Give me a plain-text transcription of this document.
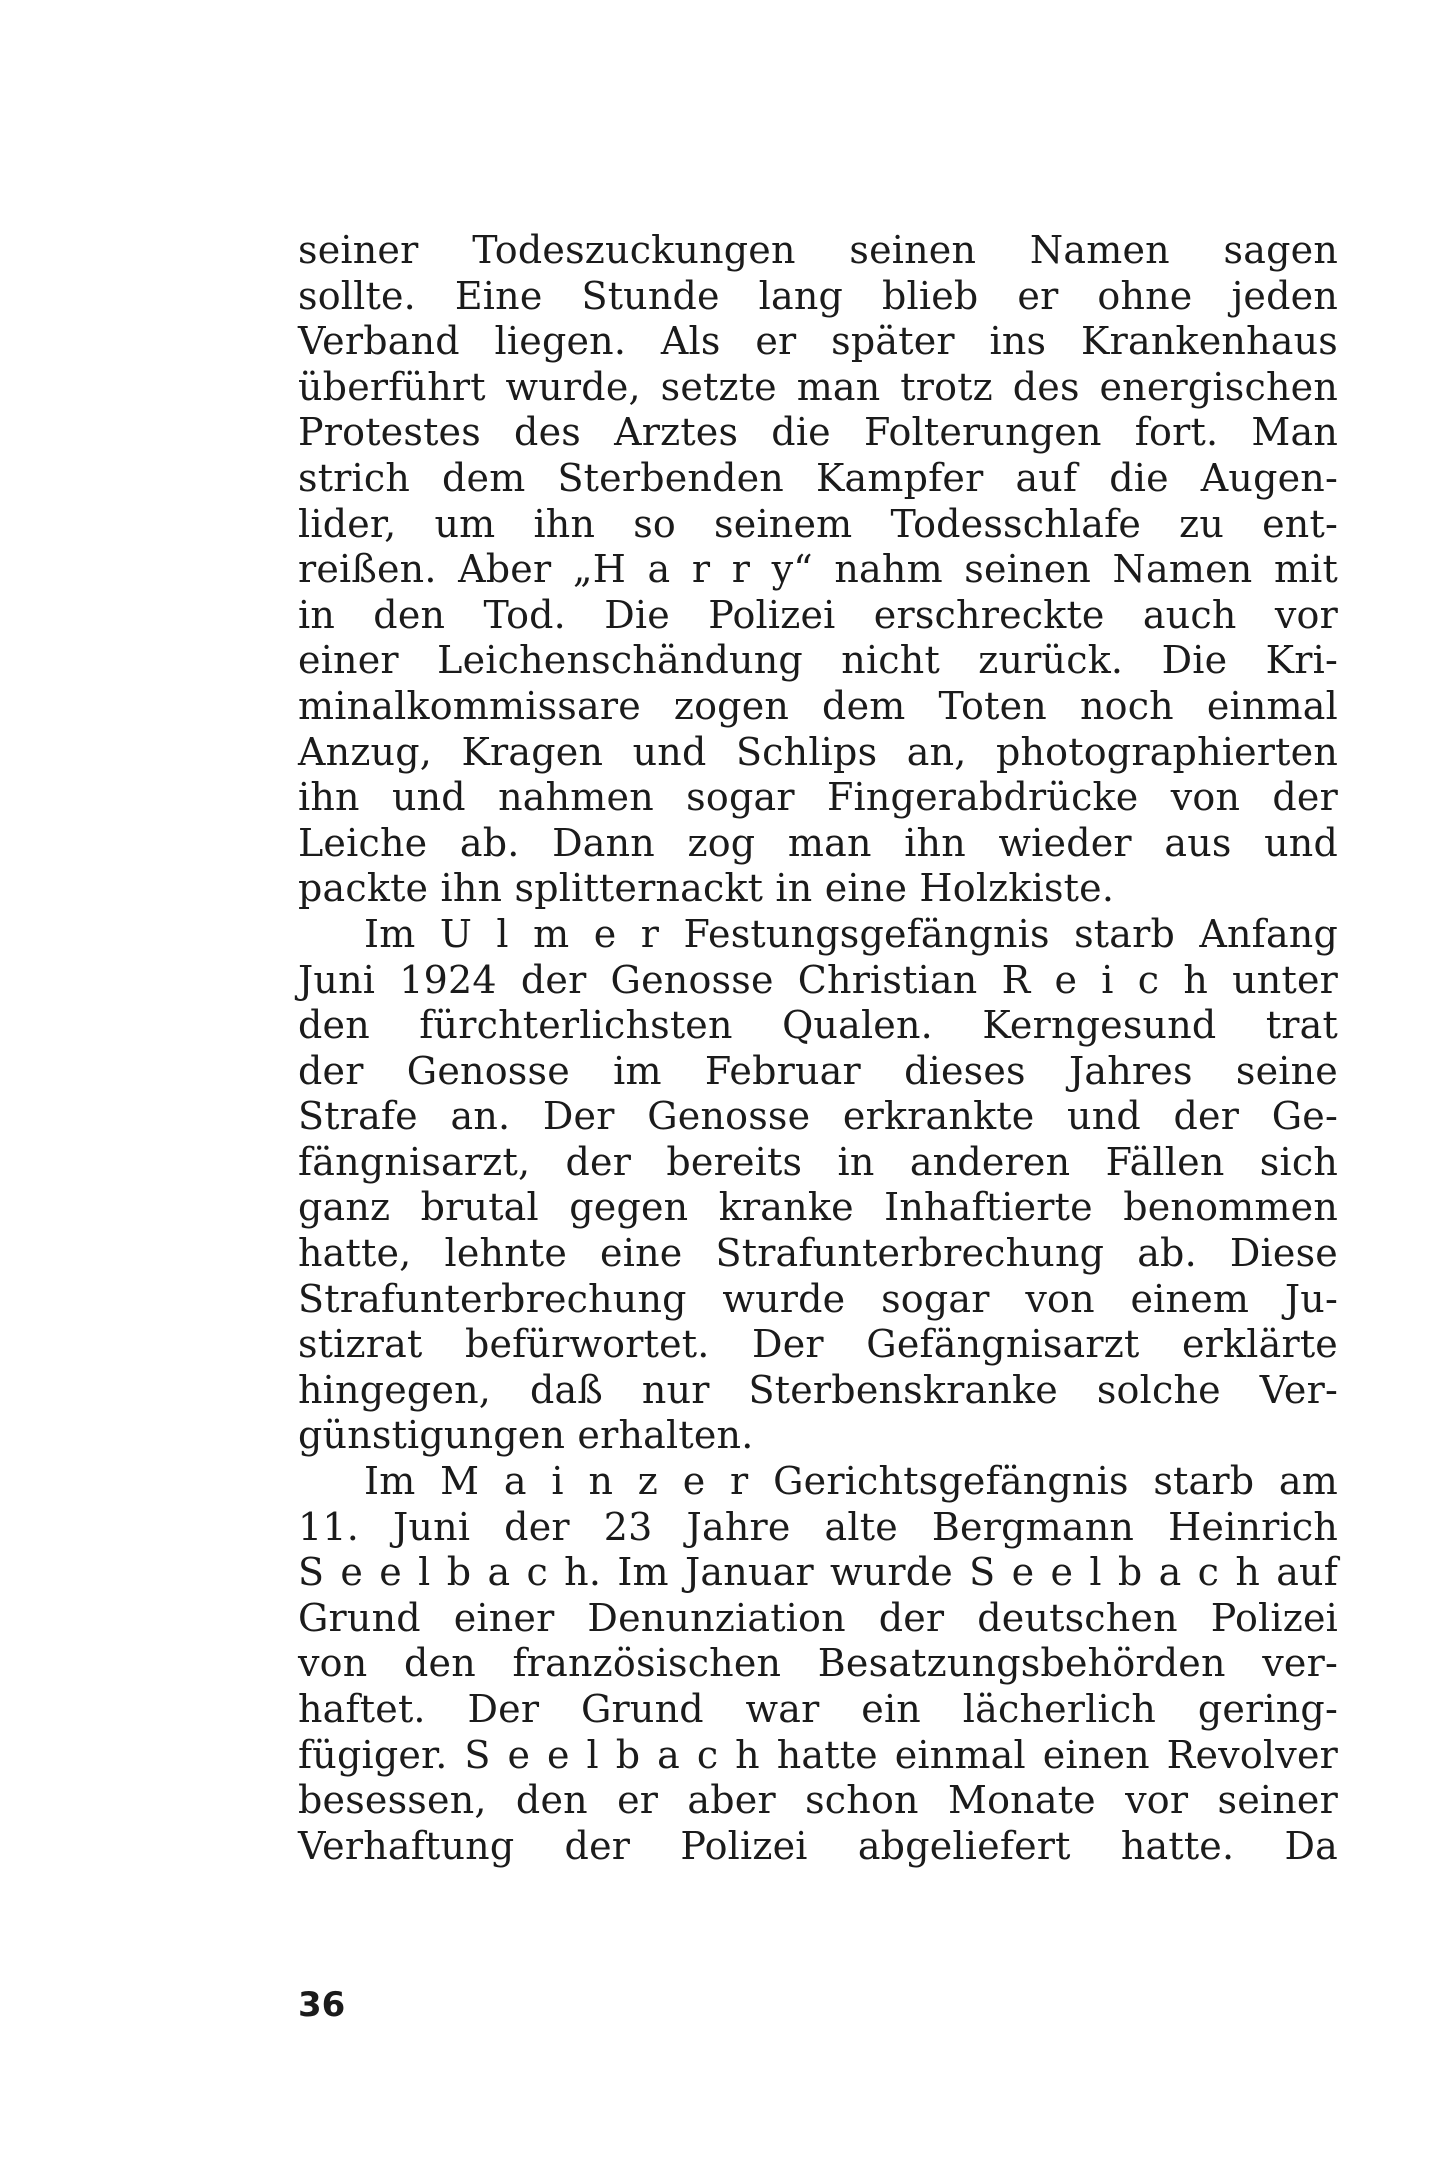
seiner Todeszuckungen seinen Namen sagen
sollte. Eine Stunde lang blieb er ohne jeden
Verband liegen. Als er später ins Krankenhaus
überführt wurde, setzte man trotz des energischen
Protestes des Arztes die Folterungen fort. Man
strich dem Sterbenden Kampfer auf die Augen-
lider, um ihn so seinem Todesschlafe zu ent-
reißen. Aber „H a r r y“ nahm seinen Namen mit
in den Tod. Die Polizei erschreckte auch vor
einer Leichenschändung nicht zurück. Die Kri-
minalkommissare zogen dem Toten noch einmal
Anzug, Kragen und Schlips an, photographierten
ihn und nahmen sogar Fingerabdrücke von der
Leiche ab. Dann zog man ihn wieder aus und
packte ihn splitternackt in eine Holzkiste.
Im U l m e r Festungsgefängnis starb Anfang
Juni 1924 der Genosse Christian R e i c h unter
den fürchterlichsten Qualen. Kerngesund trat
der Genosse im Februar dieses Jahres seine
Strafe an. Der Genosse erkrankte und der Ge-
fängnisarzt, der bereits in anderen Fällen sich
ganz brutal gegen kranke Inhaftierte benommen
hatte, lehnte eine Strafunterbrechung ab. Diese
Strafunterbrechung wurde sogar von einem Ju-
stizrat befürwortet. Der Gefängnisarzt erklärte
hingegen, daß nur Sterbenskranke solche Ver-
günstigungen erhalten.
Im M a i n z e r Gerichtsgefängnis starb am
11. Juni der 23 Jahre alte Bergmann Heinrich
S e e l b a c h. Im Januar wurde S e e l b a c h auf
Grund einer Denunziation der deutschen Polizei
von den französischen Besatzungsbehörden ver-
haftet. Der Grund war ein lächerlich gering-
fügiger. S e e l b a c h hatte einmal einen Revolver
besessen, den er aber schon Monate vor seiner
Verhaftung der Polizei abgeliefert hatte. Da
36
